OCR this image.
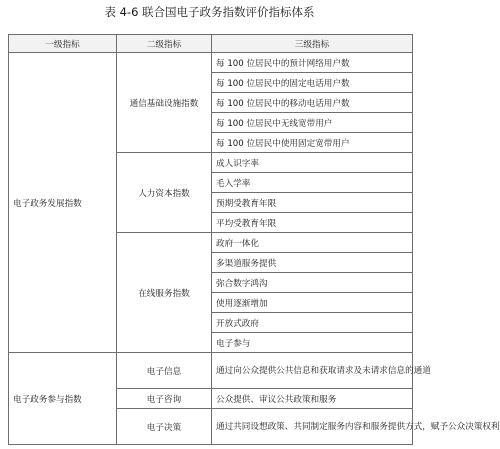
表 4-6 联合国电子政务指数评价指标体系
一级指标	二级指标	三级指标
电子政务发展指数	通信基础设施指数	每 100 位居民中的预计网络用户数
		每 100 位居民中的固定电话用户数
		每 100 位居民中的移动电话用户数
		每 100 位居民中无线宽带用户
		每 100 位居民中使用固定宽带用户
	人力资本指数	成人识字率
		毛入学率
		预期受教育年限
		平均受教育年限
	在线服务指数	政府一体化
		多渠道服务提供
		弥合数字鸿沟
		使用逐渐增加
		开放式政府
		电子参与
电子政务参与指数	电子信息	通过向公众提供公共信息和获取请求及未请求信息的通道
	电子咨询	公众提供、审议公共政策和服务
	电子决策	通过共同设想政策、共同制定服务内容和服务提供方式，赋予公众决策权利
